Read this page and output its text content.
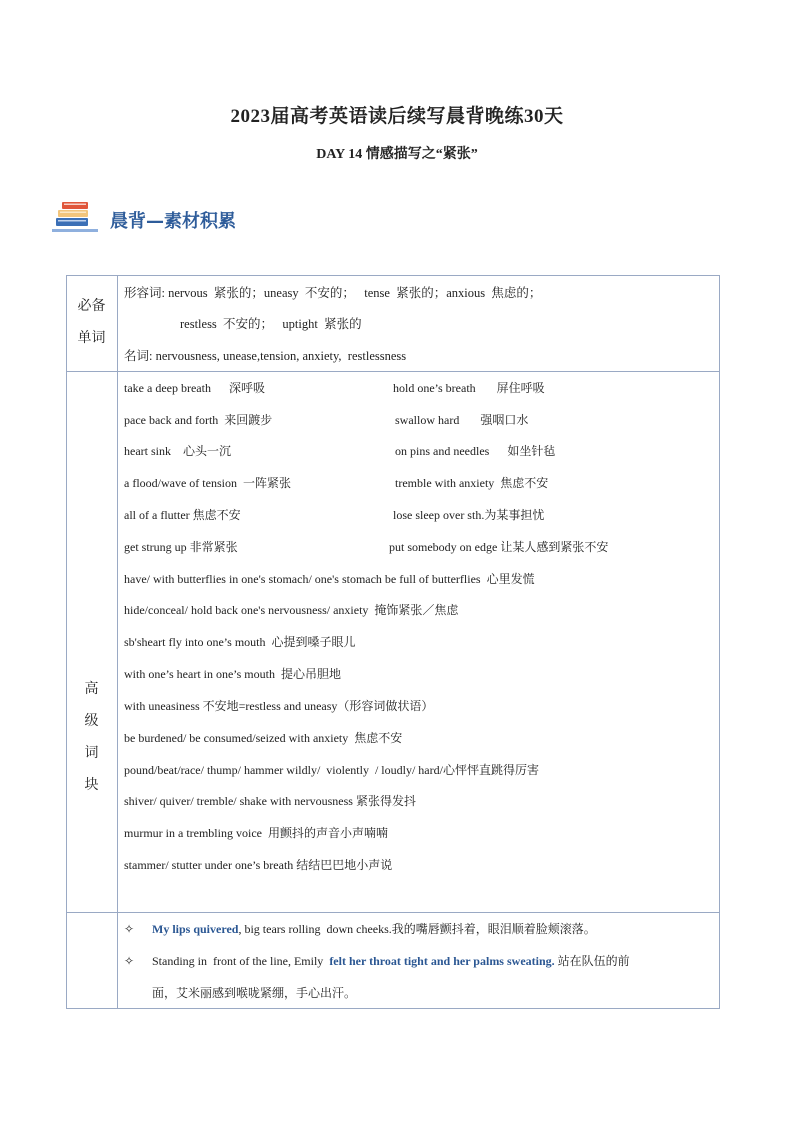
2023届高考英语读后续写晨背晚练30天
DAY 14 情感描写之“紧张”
晨背—素材积累
必备
单词
形容词: nervous  紧张的；uneasy  不安的；   tense  紧张的；anxious  焦虑的；
restless  不安的；   uptight  紧张的
名词: nervousness, unease,tension, anxiety,  restlessness
高
级
词
块
take a deep breath      深呼吸	hold one’s breath       屏住呼吸
pace back and forth  来回踱步	swallow hard       强咽口水
heart sink    心头一沉	on pins and needles      如坐针毡
a flood/wave of tension  一阵紧张	tremble with anxiety  焦虑不安
all of a flutter 焦虑不安	lose sleep over sth.为某事担忧
get strung up 非常紧张	put somebody on edge 让某人感到紧张不安
have/ with butterflies in one's stomach/ one's stomach be full of butterflies  心里发慌
hide/conceal/ hold back one's nervousness/ anxiety  掩饰紧张／焦虑
sb'sheart fly into one’s mouth  心提到嗓子眼儿
with one’s heart in one’s mouth  提心吊胆地
with uneasiness 不安地=restless and uneasy（形容词做状语）
be burdened/ be consumed/seized with anxiety  焦虑不安
pound/beat/race/ thump/ hammer wildly/  violently  / loudly/ hard/心怦怦直跳得厉害
shiver/ quiver/ tremble/ shake with nervousness 紧张得发抖
murmur in a trembling voice  用颤抖的声音小声喃喃
stammer/ stutter under one’s breath 结结巴巴地小声说
✧ My lips quivered, big tears rolling  down cheeks.我的嘴唇颤抖着，眼泪顺着脸颊滚落。
✧ Standing in  front of the line, Emily  felt her throat tight and her palms sweating. 站在队伍的前
面，艾米丽感到喉咙紧绷，手心出汗。
